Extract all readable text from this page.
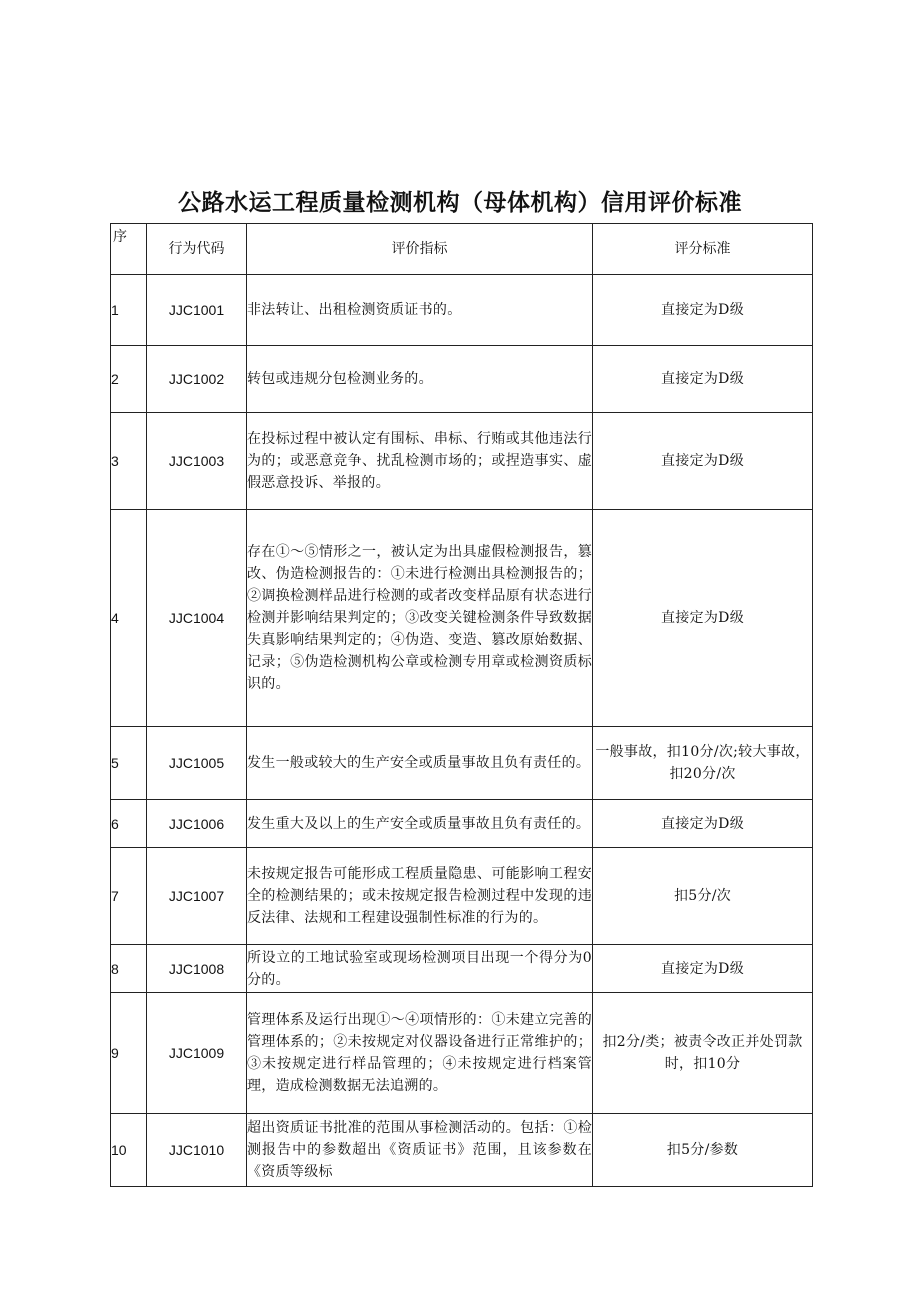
公路水运工程质量检测机构（母体机构）信用评价标准
序	行为代码	评价指标	评分标准
1	JJC1001	非法转让、出租检测资质证书的。	直接定为D级
2	JJC1002	转包或违规分包检测业务的。	直接定为D级
3	JJC1003	在投标过程中被认定有围标、串标、行贿或其他违法行为的；或恶意竞争、扰乱检测市场的；或捏造事实、虚假恶意投诉、举报的。	直接定为D级
4	JJC1004	存在①～⑤情形之一，被认定为出具虚假检测报告，篡改、伪造检测报告的：①未进行检测出具检测报告的；②调换检测样品进行检测的或者改变样品原有状态进行检测并影响结果判定的；③改变关键检测条件导致数据失真影响结果判定的；④伪造、变造、篡改原始数据、记录；⑤伪造检测机构公章或检测专用章或检测资质标识的。	直接定为D级
5	JJC1005	发生一般或较大的生产安全或质量事故且负有责任的。	一般事故，扣10分/次;较大事故，扣20分/次
6	JJC1006	发生重大及以上的生产安全或质量事故且负有责任的。	直接定为D级
7	JJC1007	未按规定报告可能形成工程质量隐患、可能影响工程安全的检测结果的；或未按规定报告检测过程中发现的违反法律、法规和工程建设强制性标准的行为的。	扣5分/次
8	JJC1008	所设立的工地试验室或现场检测项目出现一个得分为0分的。	直接定为D级
9	JJC1009	管理体系及运行出现①～④项情形的：①未建立完善的管理体系的；②未按规定对仪器设备进行正常维护的；③未按规定进行样品管理的；④未按规定进行档案管理，造成检测数据无法追溯的。	扣2分/类；被责令改正并处罚款时，扣10分
10	JJC1010	超出资质证书批准的范围从事检测活动的。包括：①检测报告中的参数超出《资质证书》范围，且该参数在《资质等级标	扣5分/参数
